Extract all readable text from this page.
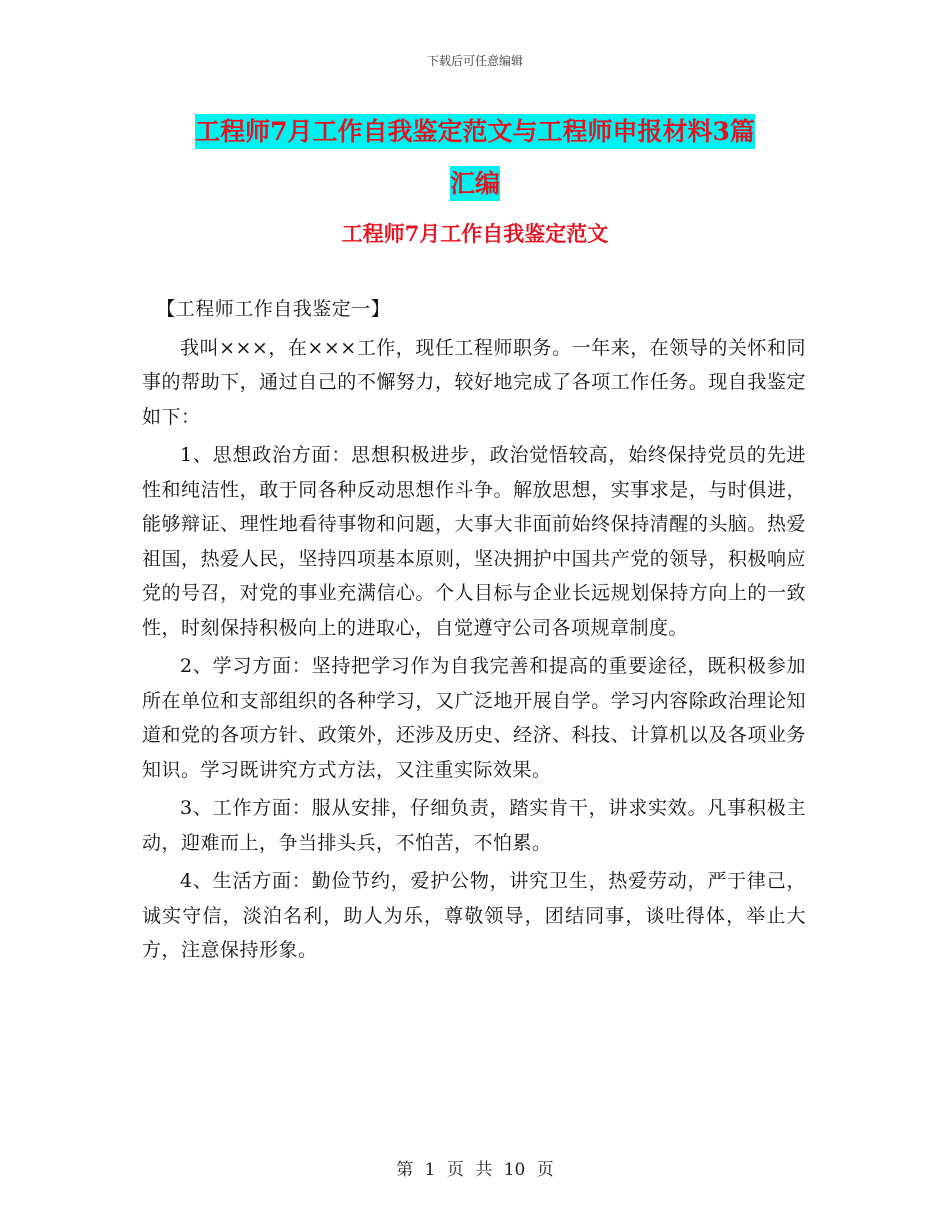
下载后可任意编辑
工程师7月工作自我鉴定范文与工程师申报材料3篇
汇编
工程师7月工作自我鉴定范文

【工程师工作自我鉴定一】

我叫×××，在×××工作，现任工程师职务。一年来，在领导的关怀和同事的帮助下，通过自己的不懈努力，较好地完成了各项工作任务。现自我鉴定如下：

1、思想政治方面：思想积极进步，政治觉悟较高，始终保持党员的先进性和纯洁性，敢于同各种反动思想作斗争。解放思想，实事求是，与时俱进，能够辩证、理性地看待事物和问题，大事大非面前始终保持清醒的头脑。热爱祖国，热爱人民，坚持四项基本原则，坚决拥护中国共产党的领导，积极响应党的号召，对党的事业充满信心。个人目标与企业长远规划保持方向上的一致性，时刻保持积极向上的进取心，自觉遵守公司各项规章制度。

2、学习方面：坚持把学习作为自我完善和提高的重要途径，既积极参加所在单位和支部组织的各种学习，又广泛地开展自学。学习内容除政治理论知道和党的各项方针、政策外，还涉及历史、经济、科技、计算机以及各项业务知识。学习既讲究方式方法，又注重实际效果。

3、工作方面：服从安排，仔细负责，踏实肯干，讲求实效。凡事积极主动，迎难而上，争当排头兵，不怕苦，不怕累。

4、生活方面：勤俭节约，爱护公物，讲究卫生，热爱劳动，严于律己，诚实守信，淡泊名利，助人为乐，尊敬领导，团结同事，谈吐得体，举止大方，注意保持形象。

第 1 页 共 10 页
